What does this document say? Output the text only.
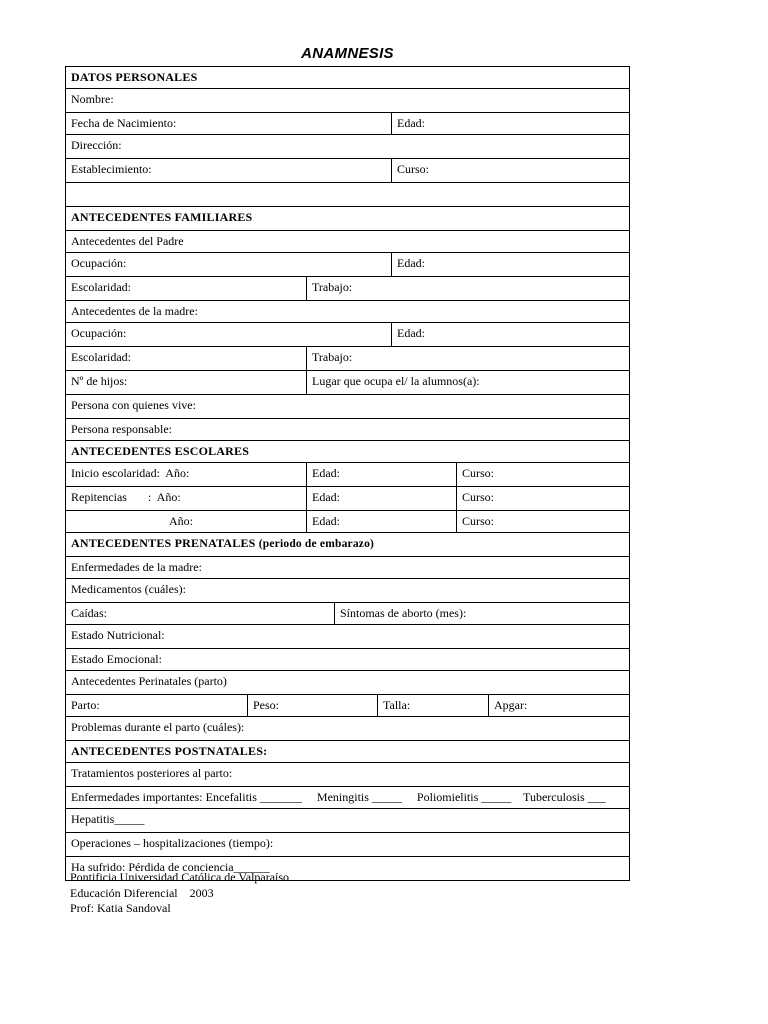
ANAMNESIS
DATOS PERSONALES
Nombre:
Fecha de Nacimiento:	Edad:
Dirección:
Establecimiento:	Curso:
ANTECEDENTES FAMILIARES
Antecedentes del Padre
Ocupación:	Edad:
Escolaridad:	Trabajo:
Antecedentes de la madre:
Ocupación:	Edad:
Escolaridad:	Trabajo:
Nº de hijos:	Lugar que ocupa el/ la alumnos(a):
Persona con quienes vive:
Persona responsable:
ANTECEDENTES ESCOLARES
Inicio escolaridad:  Año:	Edad:	Curso:
Repitencias       :  Año:	Edad:	Curso:
Año:	Edad:	Curso:
ANTECEDENTES PRENATALES (periodo de embarazo)
Enfermedades de la madre:
Medicamentos (cuáles):
Caídas:	Síntomas de aborto (mes):
Estado Nutricional:
Estado Emocional:
Antecedentes Perinatales (parto)
Parto:	Peso:	Talla:	Apgar:
Problemas durante el parto (cuáles):
ANTECEDENTES POSTNATALES:
Tratamientos posteriores al parto:
Enfermedades importantes: Encefalitis _______     Meningitis _____     Poliomielitis _____    Tuberculosis ___
Hepatitis_____
Operaciones – hospitalizaciones (tiempo):
Ha sufrido: Pérdida de conciencia______
Pontificia Universidad Católica de Valparaíso
Educación Diferencial    2003
Prof: Katia Sandoval
